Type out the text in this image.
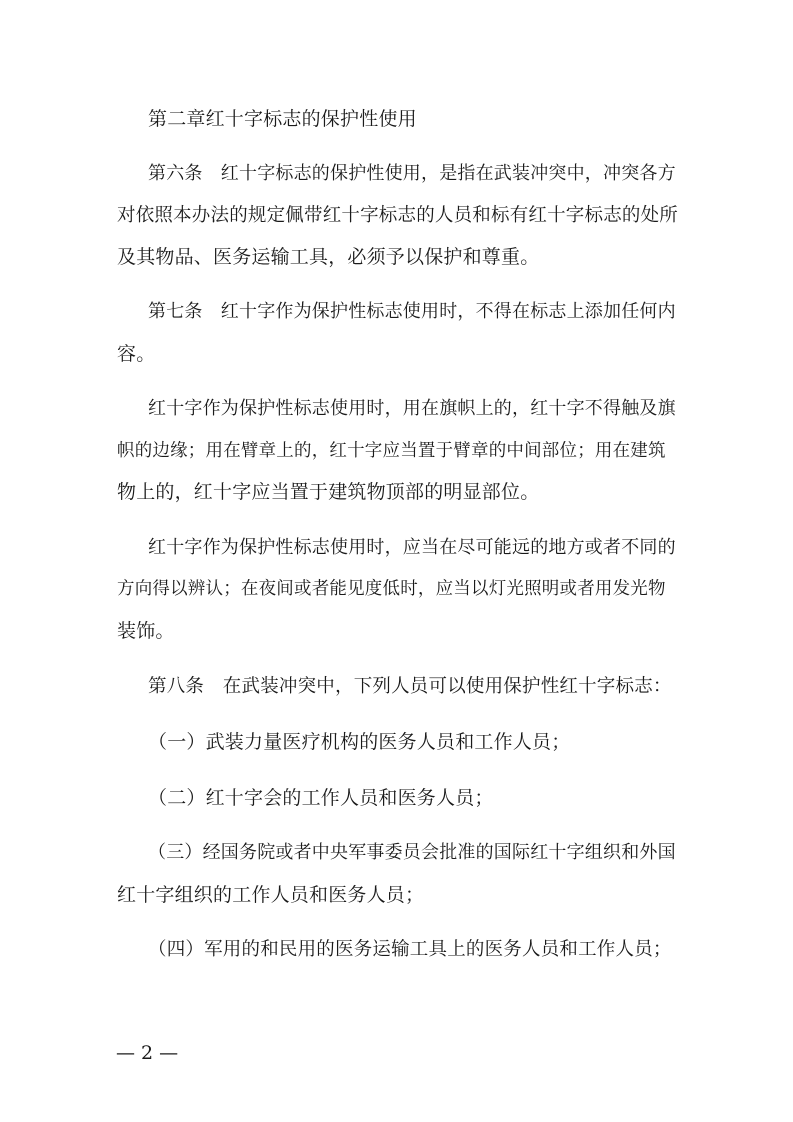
第二章红十字标志的保护性使用
第六条　红十字标志的保护性使用，是指在武装冲突中，冲突各方
对依照本办法的规定佩带红十字标志的人员和标有红十字标志的处所
及其物品、医务运输工具，必须予以保护和尊重。
第七条　红十字作为保护性标志使用时，不得在标志上添加任何内
容。
红十字作为保护性标志使用时，用在旗帜上的，红十字不得触及旗
帜的边缘；用在臂章上的，红十字应当置于臂章的中间部位；用在建筑
物上的，红十字应当置于建筑物顶部的明显部位。
红十字作为保护性标志使用时，应当在尽可能远的地方或者不同的
方向得以辨认；在夜间或者能见度低时，应当以灯光照明或者用发光物
装饰。
第八条　在武装冲突中，下列人员可以使用保护性红十字标志：
（一）武装力量医疗机构的医务人员和工作人员；
（二）红十字会的工作人员和医务人员；
（三）经国务院或者中央军事委员会批准的国际红十字组织和外国
红十字组织的工作人员和医务人员；
（四）军用的和民用的医务运输工具上的医务人员和工作人员；
— 2 —
